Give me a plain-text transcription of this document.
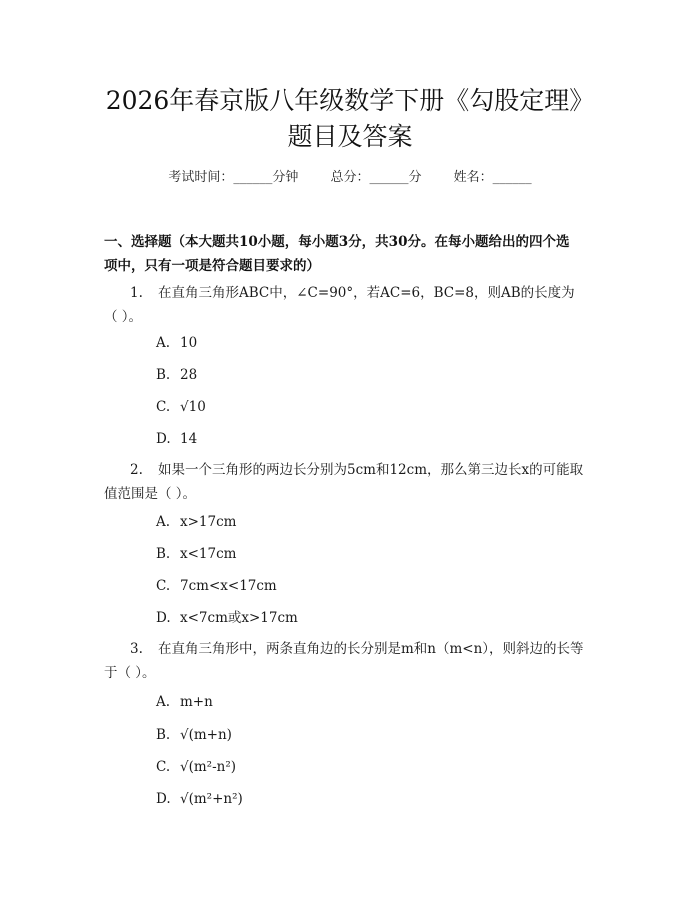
2026年春京版八年级数学下册《勾股定理》
题目及答案
考试时间：______分钟 总分：______分 姓名：______
一、选择题（本大题共10小题，每小题3分，共30分。在每小题给出的四个选
项中，只有一项是符合题目要求的）
1. 在直角三角形ABC中，∠C=90°，若AC=6，BC=8，则AB的长度为
（ ）。
A. 10
B. 28
C. √10
D. 14
2. 如果一个三角形的两边长分别为5cm和12cm，那么第三边长x的可能取
值范围是（ ）。
A. x>17cm
B. x<17cm
C. 7cm<x<17cm
D. x<7cm或x>17cm
3. 在直角三角形中，两条直角边的长分别是m和n（m<n），则斜边的长等
于（ ）。
A. m+n
B. √(m+n)
C. √(m²-n²)
D. √(m²+n²)
